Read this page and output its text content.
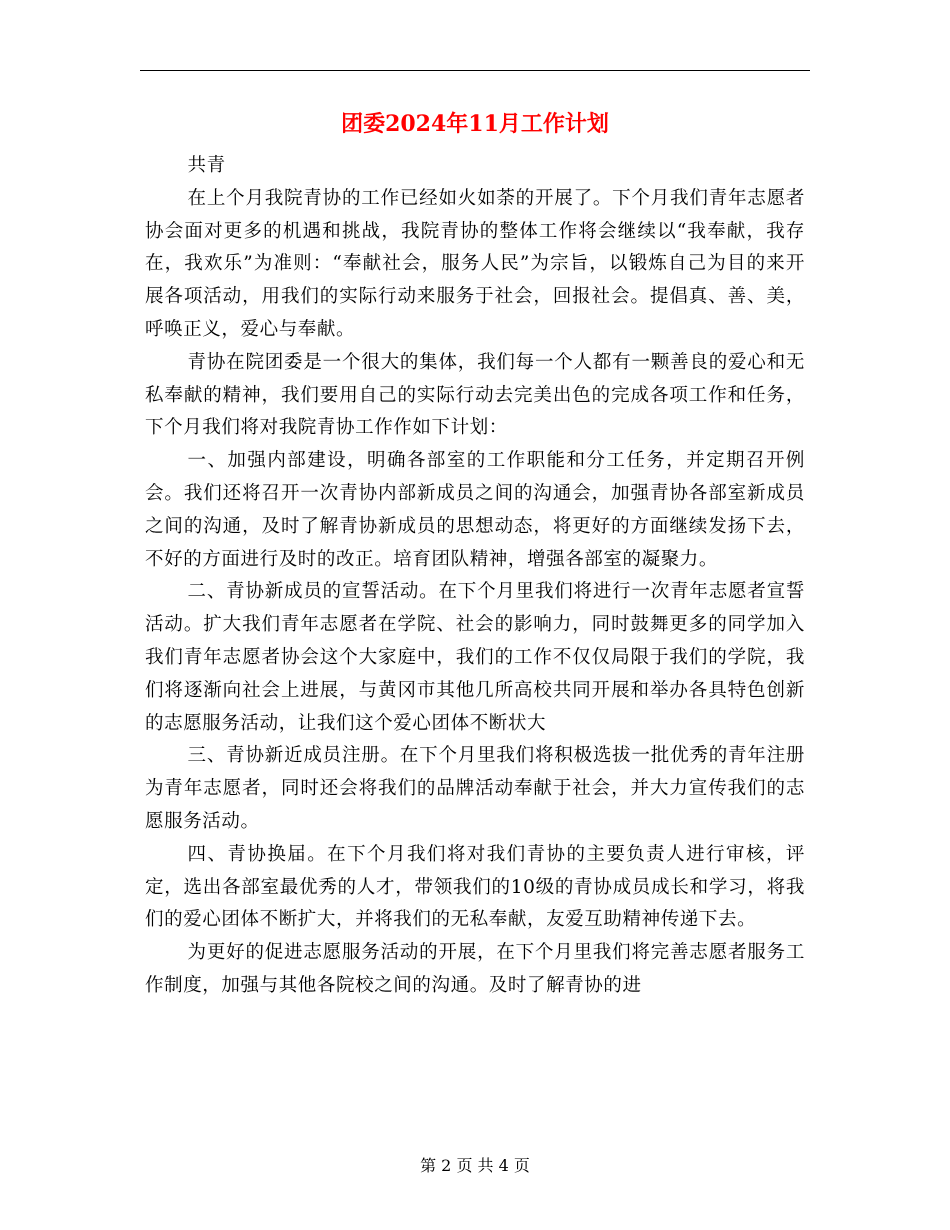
团委2024年11月工作计划

共青

在上个月我院青协的工作已经如火如荼的开展了。下个月我们青年志愿者协会面对更多的机遇和挑战，我院青协的整体工作将会继续以“我奉献，我存在，我欢乐”为准则：“奉献社会，服务人民”为宗旨，以锻炼自己为目的来开展各项活动，用我们的实际行动来服务于社会，回报社会。提倡真、善、美，呼唤正义，爱心与奉献。

青协在院团委是一个很大的集体，我们每一个人都有一颗善良的爱心和无私奉献的精神，我们要用自己的实际行动去完美出色的完成各项工作和任务，下个月我们将对我院青协工作作如下计划：

一、加强内部建设，明确各部室的工作职能和分工任务，并定期召开例会。我们还将召开一次青协内部新成员之间的沟通会，加强青协各部室新成员之间的沟通，及时了解青协新成员的思想动态，将更好的方面继续发扬下去，不好的方面进行及时的改正。培育团队精神，增强各部室的凝聚力。

二、青协新成员的宣誓活动。在下个月里我们将进行一次青年志愿者宣誓活动。扩大我们青年志愿者在学院、社会的影响力，同时鼓舞更多的同学加入我们青年志愿者协会这个大家庭中，我们的工作不仅仅局限于我们的学院，我们将逐渐向社会上进展，与黄冈市其他几所高校共同开展和举办各具特色创新的志愿服务活动，让我们这个爱心团体不断状大

三、青协新近成员注册。在下个月里我们将积极选拔一批优秀的青年注册为青年志愿者，同时还会将我们的品牌活动奉献于社会，并大力宣传我们的志愿服务活动。

四、青协换届。在下个月我们将对我们青协的主要负责人进行审核，评定，选出各部室最优秀的人才，带领我们的10级的青协成员成长和学习，将我们的爱心团体不断扩大，并将我们的无私奉献，友爱互助精神传递下去。

为更好的促进志愿服务活动的开展，在下个月里我们将完善志愿者服务工作制度，加强与其他各院校之间的沟通。及时了解青协的进

第 2 页 共 4 页
